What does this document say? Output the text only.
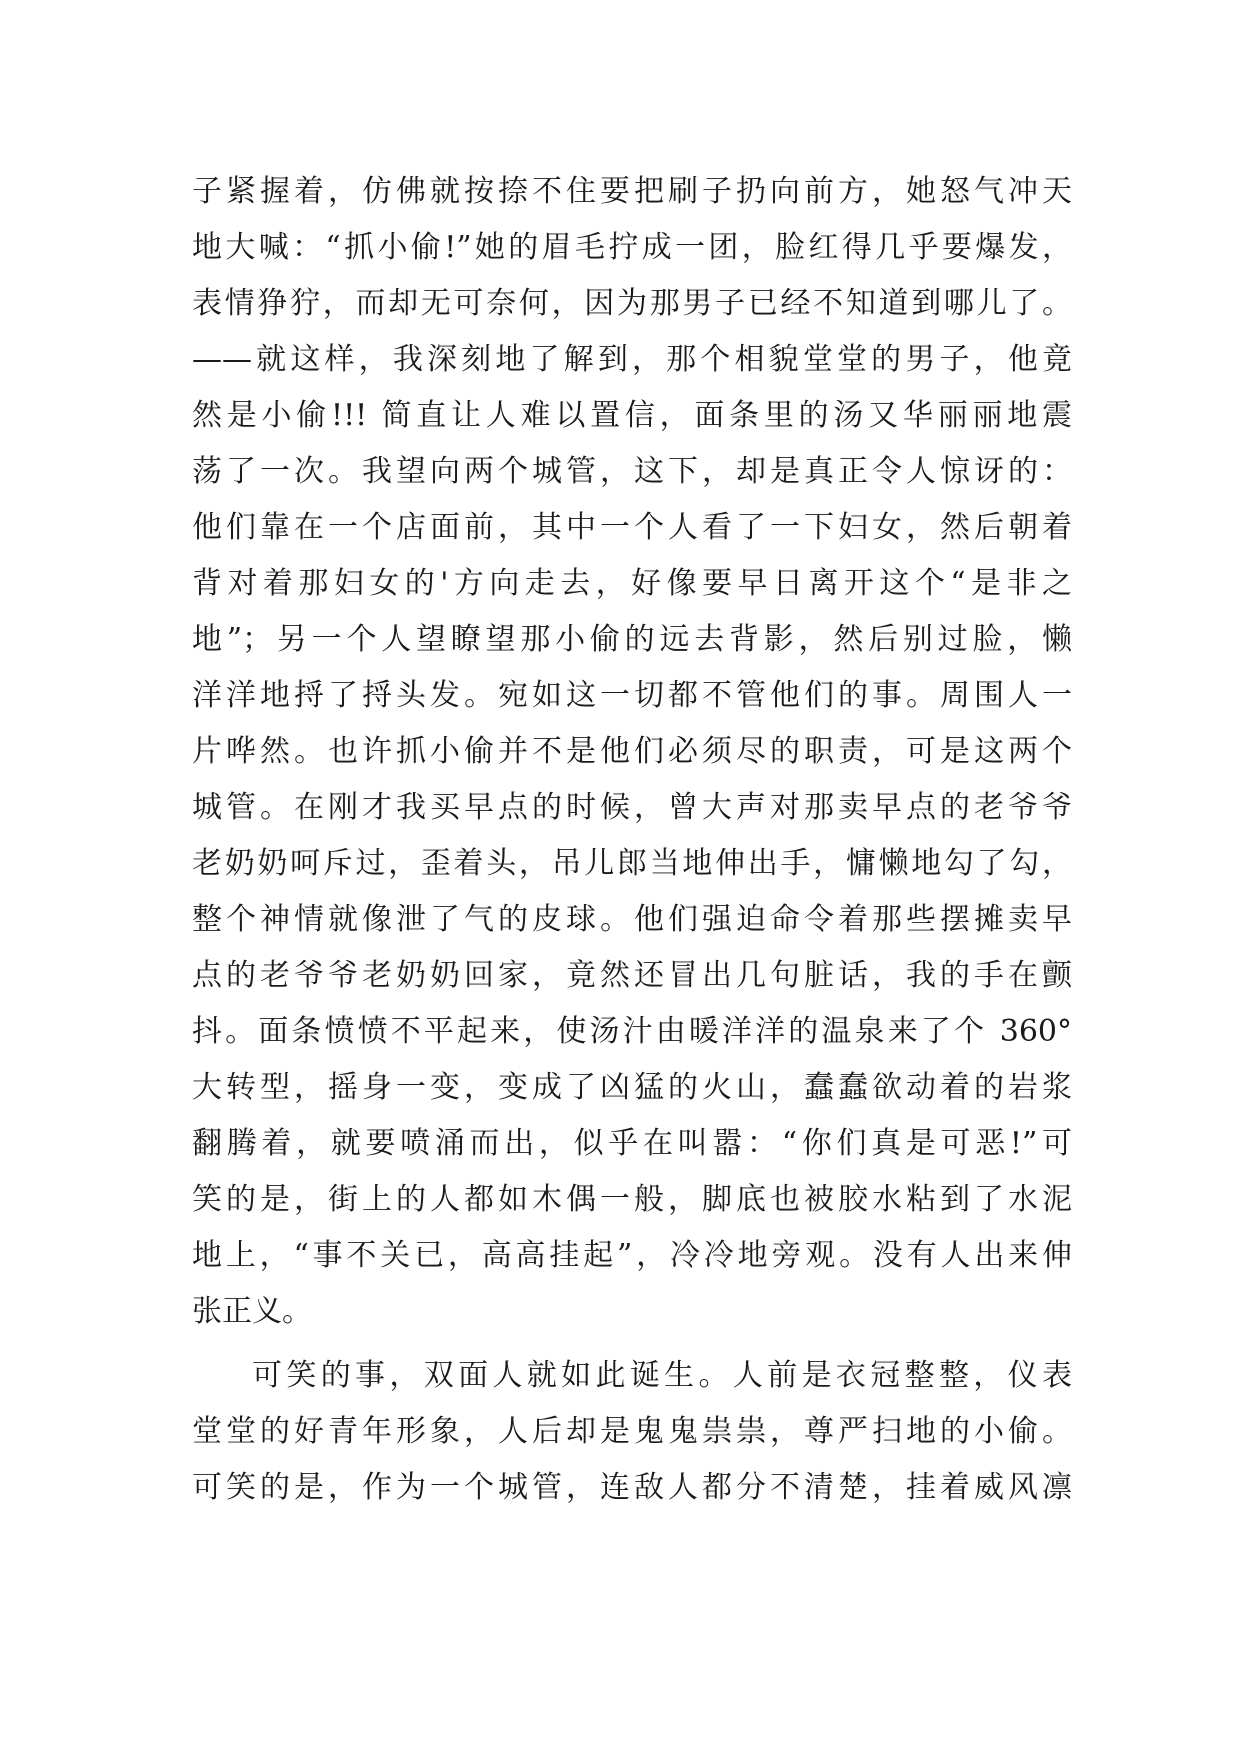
子紧握着，仿佛就按捺不住要把刷子扔向前方，她怒气冲天
地大喊：“抓小偷!”她的眉毛拧成一团，脸红得几乎要爆发，
表情狰狞，而却无可奈何，因为那男子已经不知道到哪儿了。
——就这样，我深刻地了解到，那个相貌堂堂的男子，他竟
然是小偷!!! 简直让人难以置信，面条里的汤又华丽丽地震
荡了一次。我望向两个城管，这下，却是真正令人惊讶的：
他们靠在一个店面前，其中一个人看了一下妇女，然后朝着
背对着那妇女的'方向走去，好像要早日离开这个“是非之
地”；另一个人望瞭望那小偷的远去背影，然后别过脸，懒
洋洋地捋了捋头发。宛如这一切都不管他们的事。周围人一
片哗然。也许抓小偷并不是他们必须尽的职责，可是这两个
城管。在刚才我买早点的时候，曾大声对那卖早点的老爷爷
老奶奶呵斥过，歪着头，吊儿郎当地伸出手，慵懒地勾了勾，
整个神情就像泄了气的皮球。他们强迫命令着那些摆摊卖早
点的老爷爷老奶奶回家，竟然还冒出几句脏话，我的手在颤
抖。面条愤愤不平起来，使汤汁由暖洋洋的温泉来了个 360°
大转型，摇身一变，变成了凶猛的火山，蠢蠢欲动着的岩浆
翻腾着，就要喷涌而出，似乎在叫嚣：“你们真是可恶!”可
笑的是，街上的人都如木偶一般，脚底也被胶水粘到了水泥
地上，“事不关已，高高挂起”，冷冷地旁观。没有人出来伸
张正义。
可笑的事，双面人就如此诞生。人前是衣冠整整，仪表
堂堂的好青年形象，人后却是鬼鬼祟祟，尊严扫地的小偷。
可笑的是，作为一个城管，连敌人都分不清楚，挂着威风凛
